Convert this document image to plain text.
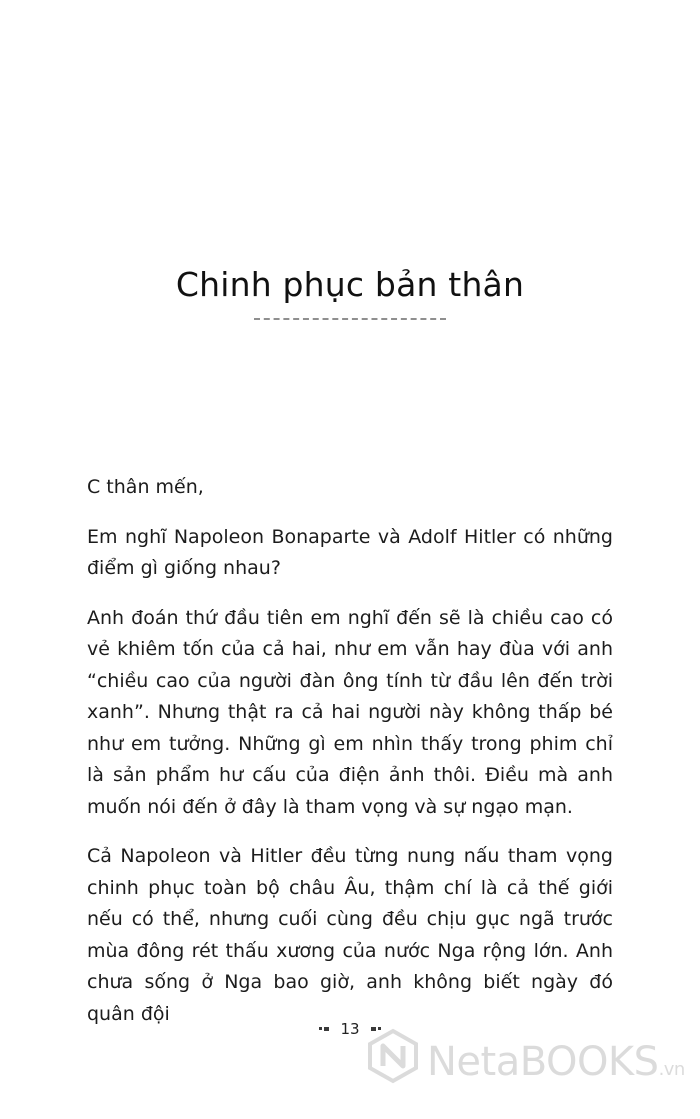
Chinh phục bản thân

C thân mến,

Em nghĩ Napoleon Bonaparte và Adolf Hitler có những điểm gì giống nhau?

Anh đoán thứ đầu tiên em nghĩ đến sẽ là chiều cao có vẻ khiêm tốn của cả hai, như em vẫn hay đùa với anh “chiều cao của người đàn ông tính từ đầu lên đến trời xanh”. Nhưng thật ra cả hai người này không thấp bé như em tưởng. Những gì em nhìn thấy trong phim chỉ là sản phẩm hư cấu của điện ảnh thôi. Điều mà anh muốn nói đến ở đây là tham vọng và sự ngạo mạn.

Cả Napoleon và Hitler đều từng nung nấu tham vọng chinh phục toàn bộ châu Âu, thậm chí là cả thế giới nếu có thể, nhưng cuối cùng đều chịu gục ngã trước mùa đông rét thấu xương của nước Nga rộng lớn. Anh chưa sống ở Nga bao giờ, anh không biết ngày đó quân đội

13
NetaBOOKS.vn
